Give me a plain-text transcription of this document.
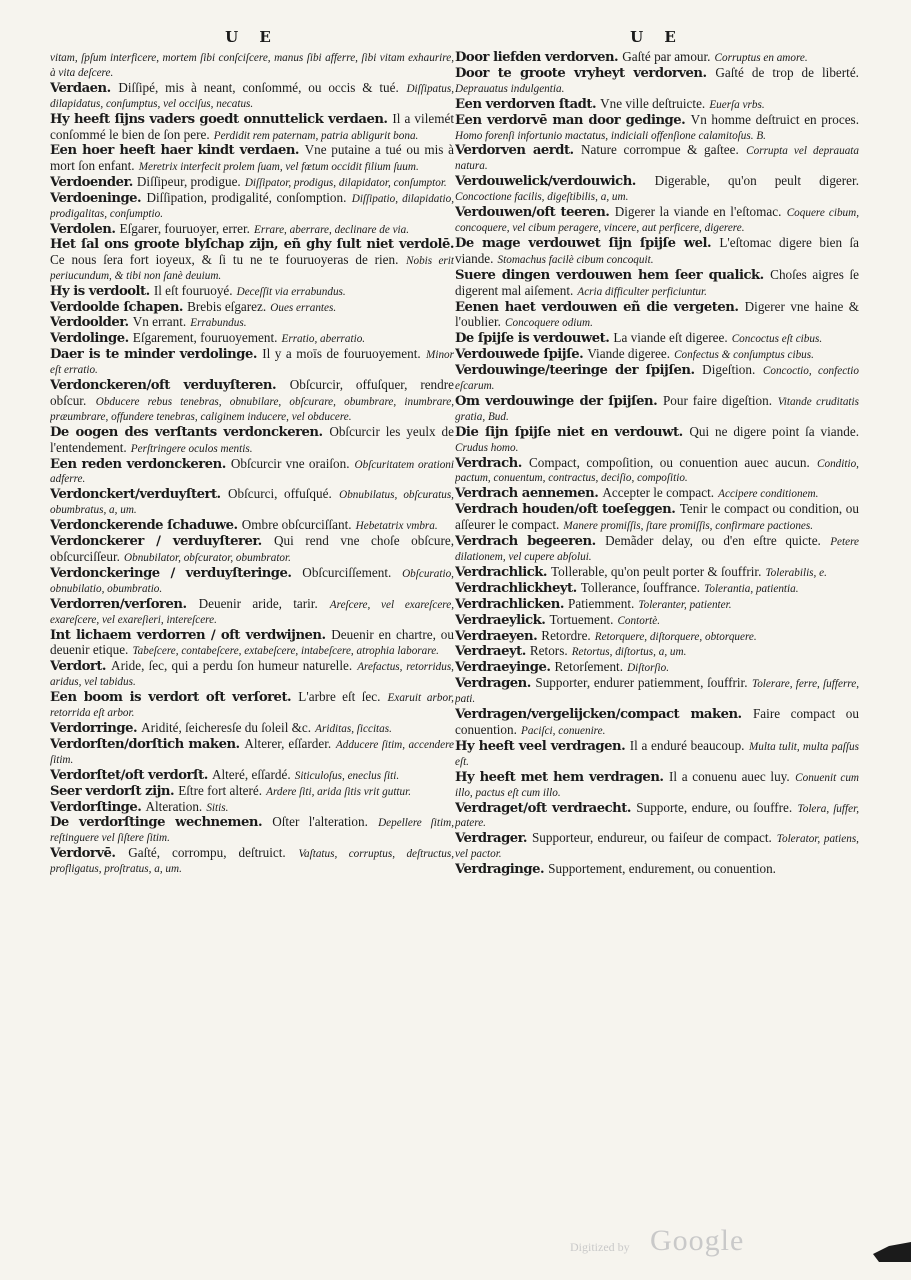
U E

vitam, ſpſum interficere, mortem ſibi conſciſcere, manus ſibi afferre, ſibi vitam exhaurire, à vita deſcere.

Verdaen. Diſſipé, mis à neant, conſommé, ou occis & tué. Diſſipatus, dilapidatus, conſumptus, vel occiſus, necatus.

Hy heeft ſijns vaders goedt onnuttelick verdaen. Il a vilemét conſommé le bien de ſon pere. Perdidit rem paternam, patria abligurit bona.

Een hoer heeft haer kindt verdaen. Vne putaine a tué ou mis à mort ſon enfant. Meretrix interfecit prolem ſuam, vel fœtum occidit filium ſuum.

Verdoender. Diſſipeur, prodigue. Diſſipator, prodigus, dilapidator, conſumptor.

Verdoeninge. Diſſipation, prodigalité, conſomption. Diſſipatio, dilapidatio, prodigalitas, conſumptio.

Verdolen. Eſgarer, fouruoyer, errer. Errare, aberrare, declinare de via.

Het ſal ons groote blyſchap zijn, eñ ghy ſult niet verdolē. Ce nous ſera fort ioyeux, & ſi tu ne te fouruoyeras de rien. Nobis erit periucundum, & tibi non ſanè deuium.

Hy is verdoolt. Il eſt fouruoyé. Deceſſit via errabundus.

Verdoolde ſchapen. Brebis eſgarez. Oues errantes.

Verdoolder. Vn errant. Errabundus.

Verdolinge. Eſgarement, fouruoyement. Erratio, aberratio.

Daer is te minder verdolinge. Il y a moīs de fouruoyement. Minor eſt erratio.

Verdonckeren/oft verduyſteren. Obſcurcir, offuſquer, rendre obſcur. Obducere rebus tenebras, obnubilare, obſcurare, obumbrare, inumbrare, præumbrare, offundere tenebras, caliginem inducere, vel obducere.

De oogen des verſtants verdonckeren. Obſcurcir les yeulx de l'entendement. Perſtringere oculos mentis.

Een reden verdonckeren. Obſcurcir vne oraiſon. Obſcuritatem orationi adferre.

Verdonckert/verduyſtert. Obſcurci, offuſqué. Obnubilatus, obſcuratus, obumbratus, a, um.

Verdonckerende ſchaduwe. Ombre obſcurciſſant. Hebetatrix vmbra.

Verdonckerer / verduyſterer. Qui rend vne choſe obſcure, obſcurciſſeur. Obnubilator, obſcurator, obumbrator.

Verdonckeringe / verduyſteringe. Obſcurciſſement. Obſcuratio, obnubilatio, obumbratio.

Verdorren/verſoren. Deuenir aride, tarir. Areſcere, vel exareſcere, exareſcere, vel exareſieri, intereſcere.

Int lichaem verdorren / oft verdwijnen. Deuenir en chartre, ou deuenir etique. Tabeſcere, contabeſcere, extabeſcere, intabeſcere, atrophia laborare.

Verdort. Aride, ſec, qui a perdu ſon humeur naturelle. Arefactus, retorridus, aridus, vel tabidus.

Een boom is verdort oft verſoret. L'arbre eſt ſec. Exaruit arbor, retorrida eſt arbor.

Verdorringe. Aridité, ſeicheresſe du ſoleil &c. Ariditas, ſiccitas.

Verdorſten/dorſtich maken. Alterer, eſſarder. Adducere ſitim, accendere ſitim.

Verdorſtet/oft verdorſt. Alteré, eſſardé. Siticuloſus, eneclus ſiti.

Seer verdorſt zijn. Eſtre fort alteré. Ardere ſiti, arida ſitis vrit guttur.

Verdorſtinge. Alteration. Sitis.

De verdorſtinge wechnemen. Oſter l'alteration. Depellere ſitim, reſtinguere vel ſiſtere ſitim.

Verdorvē. Gaſté, corrompu, deſtruict. Vaſtatus, corruptus, deſtructus, profligatus, proſtratus, a, um.

U E

Door liefden verdorven. Gaſté par amour. Corruptus en amore.

Door te groote vryheyt verdorven. Gaſté de trop de liberté. Deprauatus indulgentia.

Een verdorven ſtadt. Vne ville deſtruicte. Euerſa vrbs.

Een verdorvē man door gedinge. Vn homme deſtruict en proces. Homo forenſi infortunio mactatus, indiciali offenſione calamitoſus. B.

Verdorven aerdt. Nature corrompue & gaſtee. Corrupta vel deprauata natura.

Verdouwelick/verdouwich. Digerable, qu'on peult digerer. Concoctione facilis, digeſtibilis, a, um.

Verdouwen/oft teeren. Digerer la viande en l'eſtomac. Coquere cibum, concoquere, vel cibum peragere, vincere, aut perficere, digerere.

De mage verdouwet ſijn ſpijſe wel. L'eſtomac digere bien ſa viande. Stomachus facilè cibum concoquit.

Suere dingen verdouwen hem ſeer qualick. Choſes aigres ſe digerent mal aiſement. Acria difficulter perficiuntur.

Eenen haet verdouwen eñ die vergeten. Digerer vne haine & l'oublier. Concoquere odium.

De ſpijſe is verdouwet. La viande eſt digeree. Concoctus eſt cibus.

Verdouwede ſpijſe. Viande digeree. Confectus & conſumptus cibus.

Verdouwinge/teeringe der ſpijſen. Digeſtion. Concoctio, confectio eſcarum.

Om verdouwinge der ſpijſen. Pour faire digeſtion. Vitande cruditatis gratia, Bud.

Die ſijn ſpijſe niet en verdouwt. Qui ne digere point ſa viande. Crudus homo.

Verdrach. Compact, compoſition, ou conuention auec aucun. Conditio, pactum, conuentum, contractus, deciſio, compoſitio.

Verdrach aennemen. Accepter le compact. Accipere conditionem.

Verdrach houden/oft toeſeggen. Tenir le compact ou condition, ou aſſeurer le compact. Manere promiſſis, ſtare promiſſis, confirmare pactiones.

Verdrach begeeren. Demãder delay, ou d'en eſtre quicte. Petere dilationem, vel cupere abſolui.

Verdrachlick. Tollerable, qu'on peult porter & ſouffrir. Tolerabilis, e.

Verdrachlickheyt. Tollerance, ſouffrance. Tolerantia, patientia.

Verdrachlicken. Patiemment. Toleranter, patienter.

Verdraeylick. Tortuement. Contortè.

Verdraeyen. Retordre. Retorquere, diſtorquere, obtorquere.

Verdraeyt. Retors. Retortus, diſtortus, a, um.

Verdraeyinge. Retorſement. Diſtorſio.

Verdragen. Supporter, endurer patiemment, ſouffrir. Tolerare, ferre, ſufferre, pati.

Verdragen/vergelijcken/compact maken. Faire compact ou conuention. Paciſci, conuenire.

Hy heeft veel verdragen. Il a enduré beaucoup. Multa tulit, multa paſſus eſt.

Hy heeft met hem verdragen. Il a conuenu auec luy. Conuenit cum illo, pactus eſt cum illo.

Verdraget/oft verdraecht. Supporte, endure, ou ſouffre. Tolera, ſuffer, patere.

Verdrager. Supporteur, endureur, ou faiſeur de compact. Tolerator, patiens, vel pactor.

Verdraginge. Supportement, endurement, ou conuention.

Digitized by Google
